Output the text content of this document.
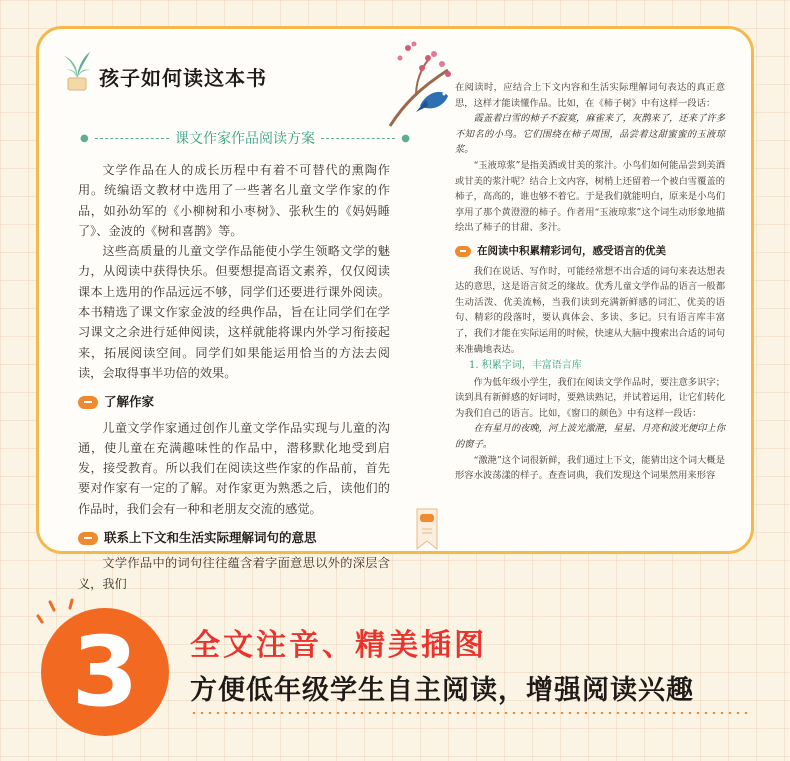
孩子如何读这本书
●	课文作家作品阅读方案	●

文学作品在人的成长历程中有着不可替代的熏陶作用。统编语文教材中选用了一些著名儿童文学作家的作品，如孙幼军的《小柳树和小枣树》、张秋生的《妈妈睡了》、金波的《树和喜鹊》等。

这些高质量的儿童文学作品能使小学生领略文学的魅力，从阅读中获得快乐。但要想提高语文素养，仅仅阅读课本上选用的作品远远不够，同学们还要进行课外阅读。本书精选了课文作家金波的经典作品，旨在让同学们在学习课文之余进行延伸阅读，这样就能将课内外学习衔接起来，拓展阅读空间。同学们如果能运用恰当的方法去阅读，会取得事半功倍的效果。

了解作家

儿童文学作家通过创作儿童文学作品实现与儿童的沟通，使儿童在充满趣味性的作品中，潜移默化地受到启发，接受教育。所以我们在阅读这些作家的作品前，首先要对作家有一定的了解。对作家更为熟悉之后，读他们的作品时，我们会有一种和老朋友交流的感觉。

联系上下文和生活实际理解词句的意思

文学作品中的词句往往蕴含着字面意思以外的深层含义，我们

在阅读时，应结合上下文内容和生活实际理解词句表达的真正意思，这样才能读懂作品。比如，在《柿子树》中有这样一段话：

霞盖着白雪的柿子不寂寞，麻雀来了，灰鹊来了，还来了许多不知名的小鸟。它们围绕在柿子周围，品尝着这甜蜜蜜的玉液琼浆。

“玉液琼浆”是指美酒或甘美的浆汁。小鸟们如何能品尝到美酒或甘美的浆汁呢？结合上文内容，树梢上还留着一个被白雪覆盖的柿子，高高的，谁也够不着它。于是我们就能明白，原来是小鸟们享用了那个黄澄澄的柿子。作者用“玉液琼浆”这个词生动形象地描绘出了柿子的甘甜、多汁。

在阅读中积累精彩词句，感受语言的优美

我们在说话、写作时，可能经常想不出合适的词句来表达想表达的意思，这是语言贫乏的缘故。优秀儿童文学作品的语言一般都生动活泼、优美流畅，当我们读到充满新鲜感的词汇、优美的语句、精彩的段落时，要认真体会、多读、多记。只有语言库丰富了，我们才能在实际运用的时候，快速从大脑中搜索出合适的词句来准确地表达。

1. 积累字词，丰富语言库

作为低年级小学生，我们在阅读文学作品时，要注意多识字；读到具有新鲜感的好词时，要熟读熟记，并试着运用，让它们转化为我们自己的语言。比如，《窗口的颜色》中有这样一段话：

在有星月的夜晚，河上波光激滟，星星、月亮和波光便印上你的窗子。

“激滟”这个词很新鲜，我们通过上下文，能猜出这个词大概是形容水波荡漾的样子。查查词典，我们发现这个词果然用来形容

3	全文注音、精美插图
方便低年级学生自主阅读，增强阅读兴趣
